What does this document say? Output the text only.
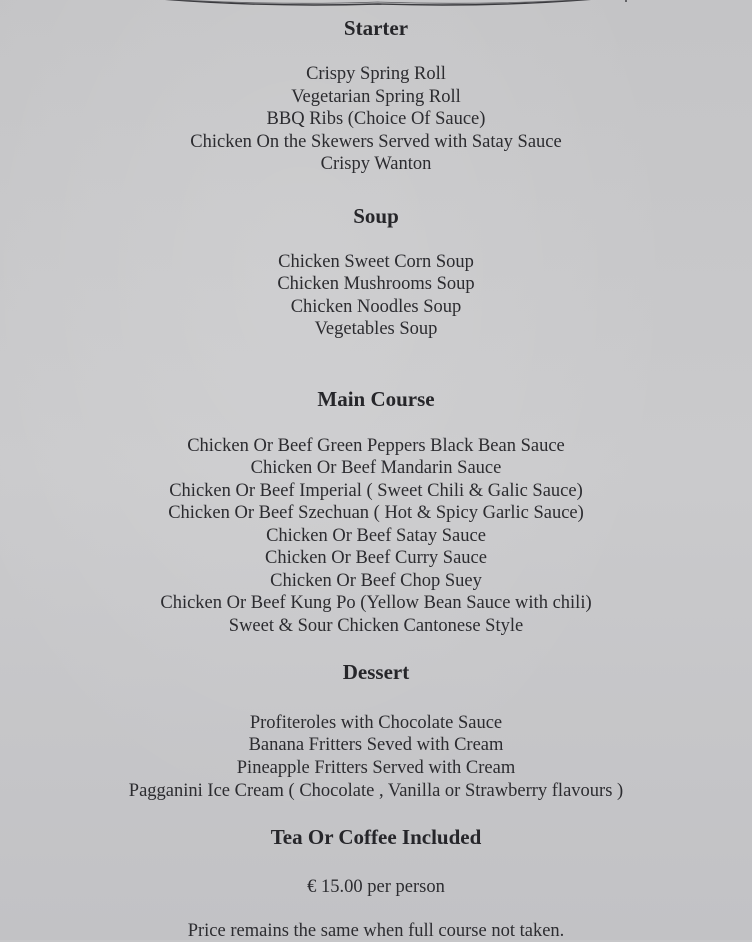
Starter
Crispy Spring Roll
Vegetarian Spring Roll
BBQ Ribs (Choice Of Sauce)
Chicken On the Skewers Served with Satay Sauce
Crispy Wanton
Soup
Chicken Sweet Corn Soup
Chicken Mushrooms Soup
Chicken Noodles Soup
Vegetables Soup
Main Course
Chicken Or Beef Green Peppers Black Bean Sauce
Chicken Or Beef Mandarin Sauce
Chicken Or Beef Imperial ( Sweet Chili & Galic Sauce)
Chicken Or Beef Szechuan ( Hot & Spicy Garlic Sauce)
Chicken Or Beef Satay Sauce
Chicken Or Beef Curry Sauce
Chicken Or Beef Chop Suey
Chicken Or Beef Kung Po (Yellow Bean Sauce with chili)
Sweet & Sour Chicken Cantonese Style
Dessert
Profiteroles with Chocolate Sauce
Banana Fritters Seved with Cream
Pineapple Fritters Served with Cream
Pagganini Ice Cream ( Chocolate , Vanilla or Strawberry flavours )
Tea Or Coffee Included
€ 15.00 per person
Price remains the same when full course not taken.
